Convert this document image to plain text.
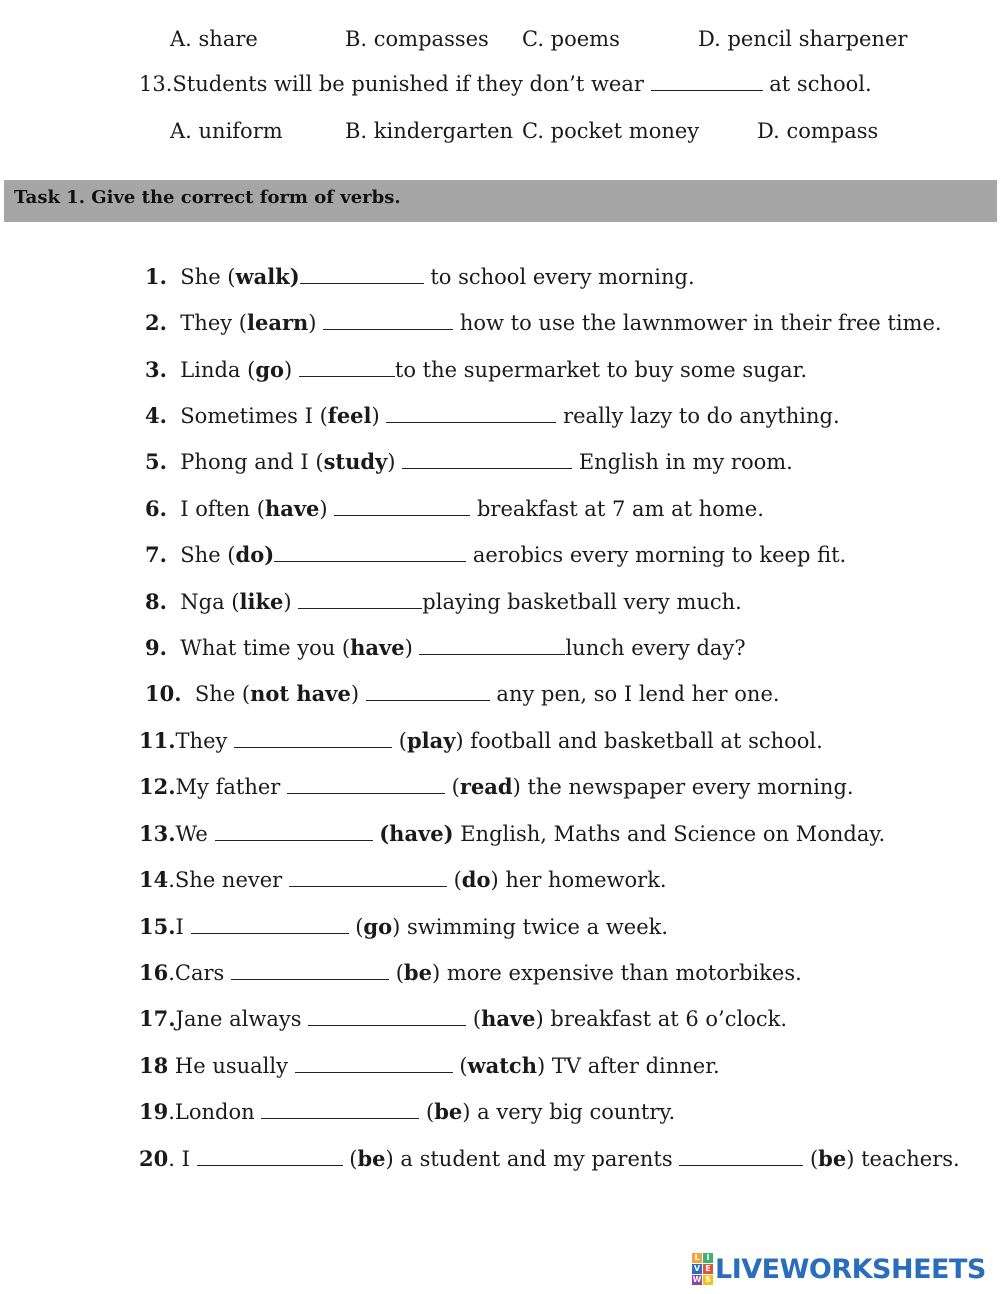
A. share	B. compasses C. poems	D. pencil sharpener
13.Students will be punished if they don’t wear	at school.
A. uniform	B. kindergarten C. pocket money	D. compass
Task 1. Give the correct form of verbs.
1. She (walk)	to school every morning.
2. They (learn)	how to use the lawnmower in their free time.
3. Linda (go)	to the supermarket to buy some sugar.
4. Sometimes I (feel)	really lazy to do anything.
5. Phong and I (study)	English in my room.
6. I often (have)	breakfast at 7 am at home.
7. She (do)	aerobics every morning to keep fit.
8. Nga (like)	playing basketball very much.
9. What time you (have)	lunch every day?
10. She (not have)	any pen, so I lend her one.
11.They	(play) football and basketball at school.
12.My father	(read) the newspaper every morning.
13.We	(have) English, Maths and Science on Monday.
14.She never	(do) her homework.
15.I	(go) swimming twice a week.
16.Cars	(be) more expensive than motorbikes.
17.Jane always	(have) breakfast at 6 o’clock.
18 He usually	(watch) TV after dinner.
19.London	(be) a very big country.
20. I	(be) a student and my parents	(be) teachers.
L I
V E
W S LIVEWORKSHEETS
